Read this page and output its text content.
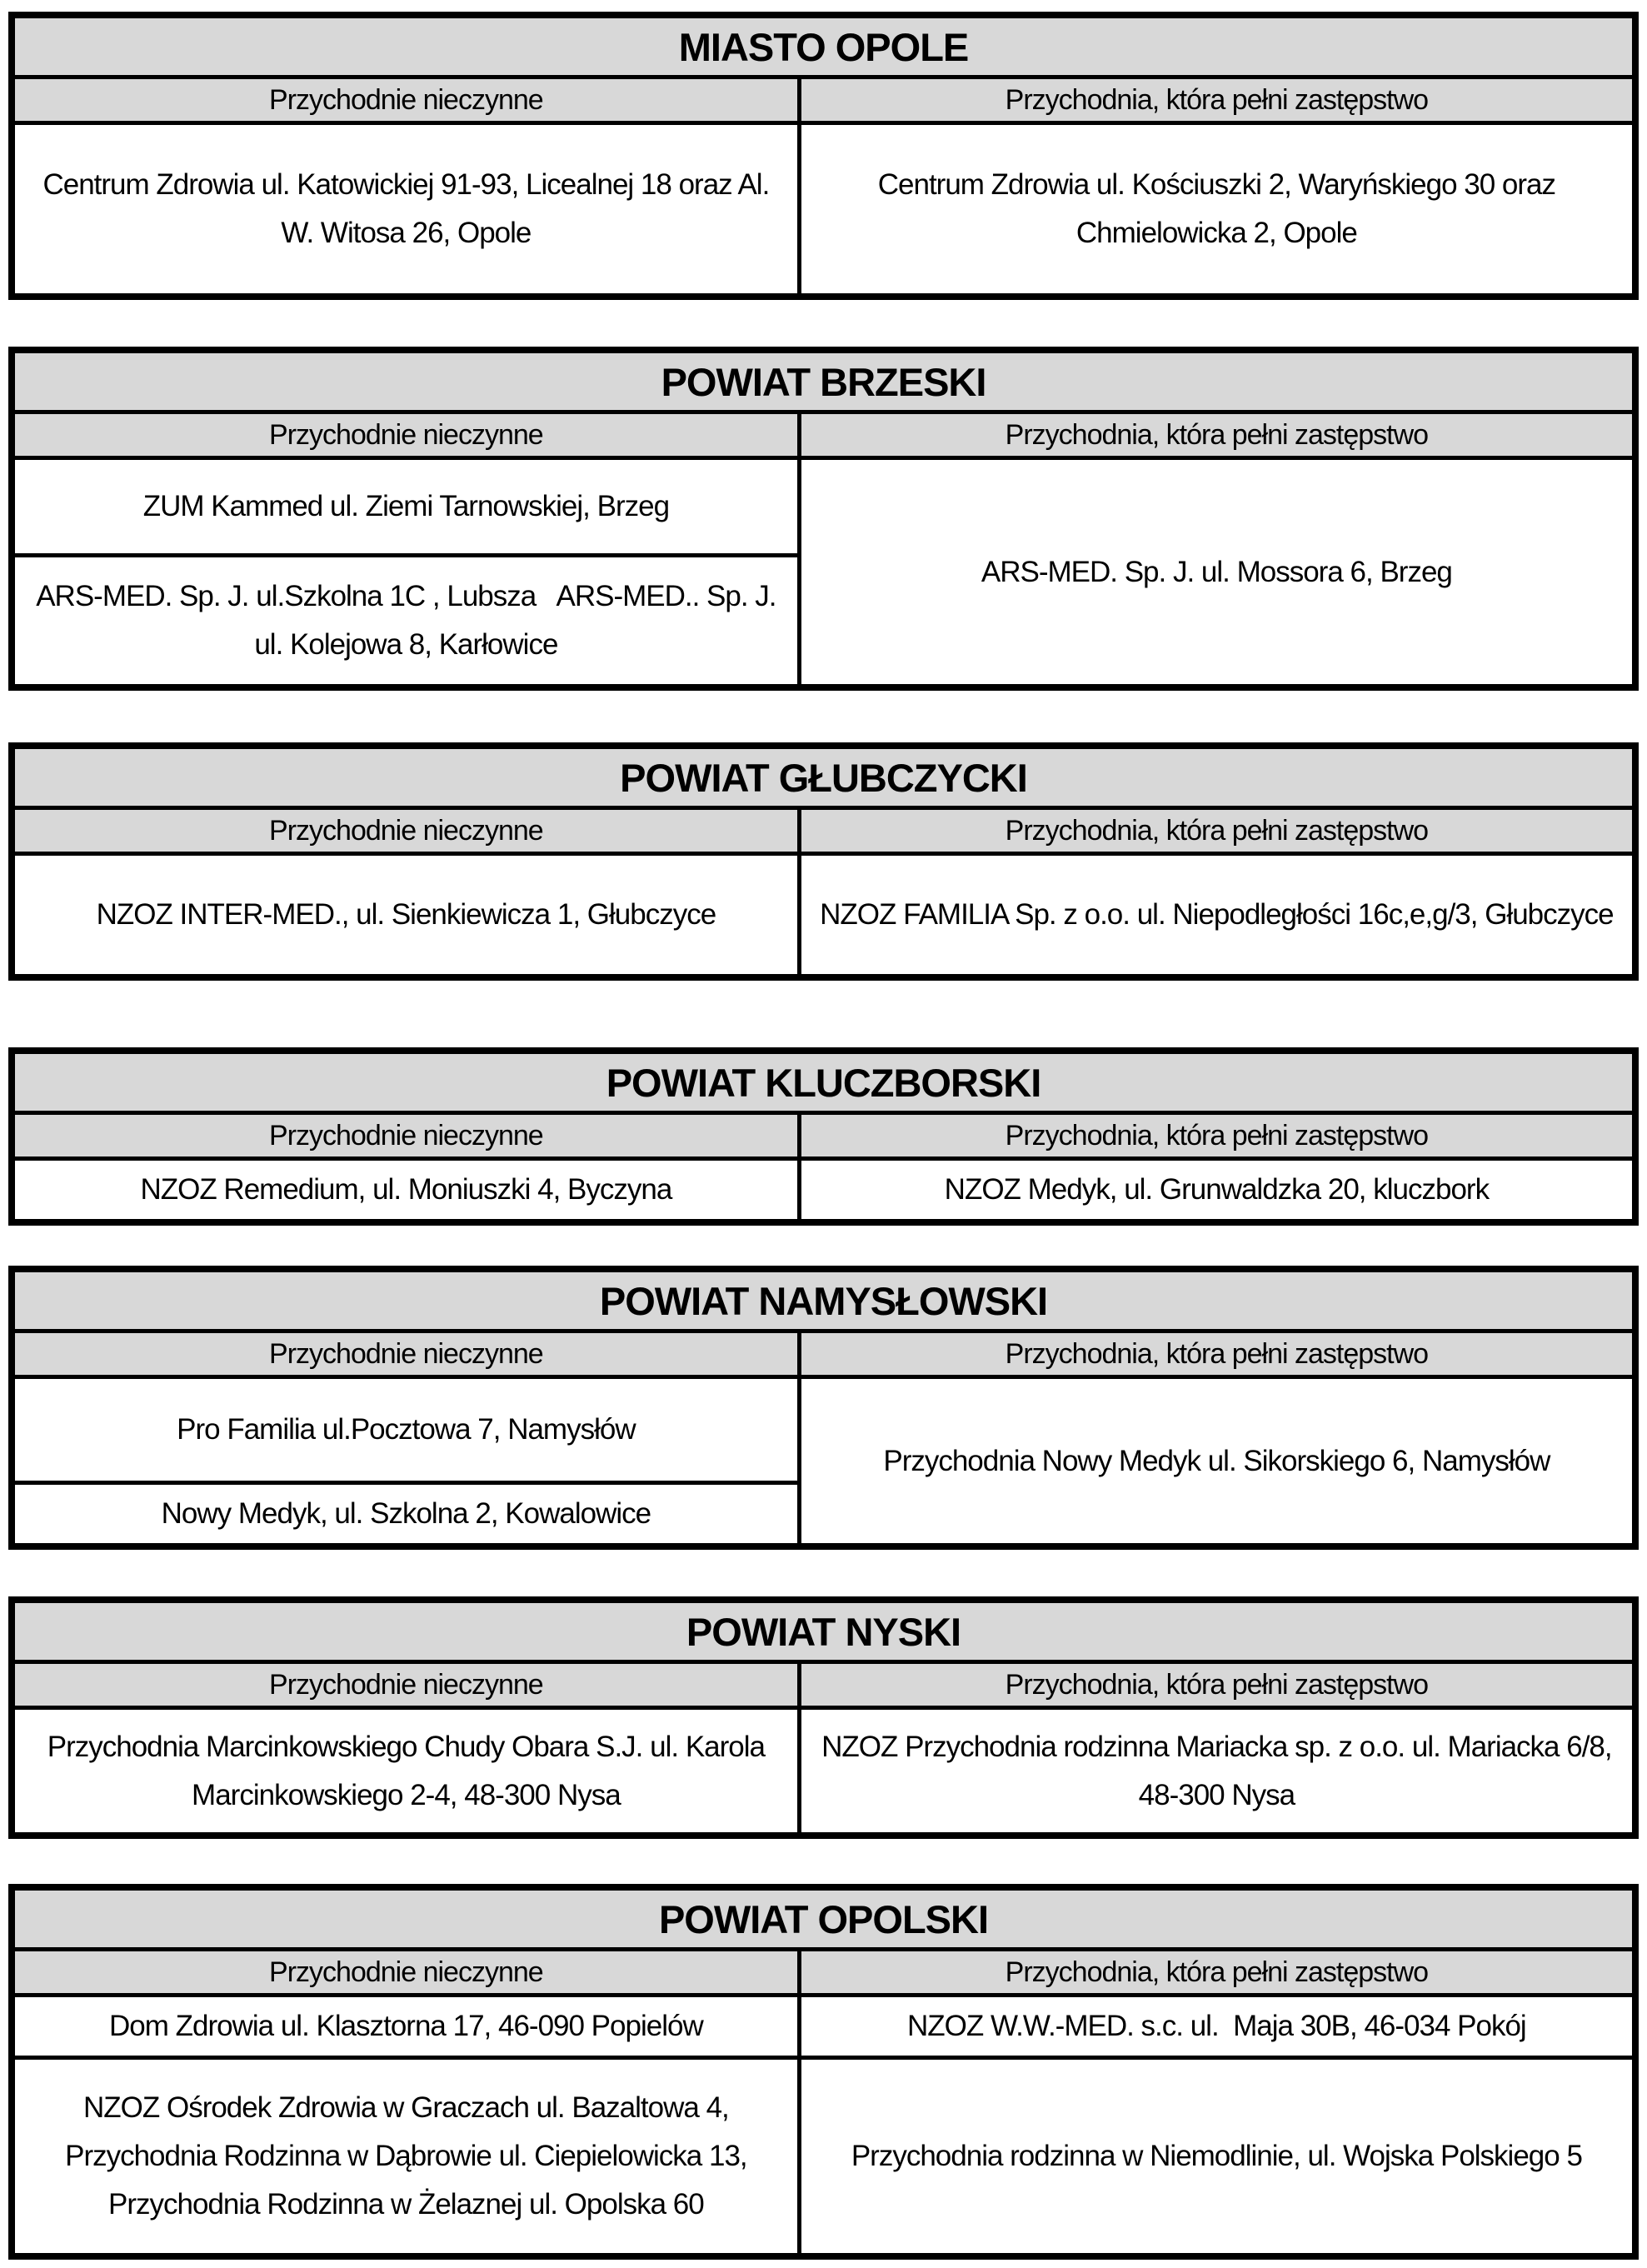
MIASTO OPOLE	
Przychodnie nieczynne	Przychodnia, która pełni zastępstwo
Centrum Zdrowia ul. Katowickiej 91-93, Licealnej 18 oraz Al. W. Witosa 26, Opole	Centrum Zdrowia ul. Kościuszki 2, Waryńskiego 30 oraz Chmielowicka 2, Opole
POWIAT BRZESKI	
Przychodnie nieczynne	Przychodnia, która pełni zastępstwo
ZUM Kammed ul. Ziemi Tarnowskiej, Brzeg	ARS-MED. Sp. J. ul. Mossora 6, Brzeg
ARS-MED. Sp. J. ul.Szkolna 1C , Lubsza   ARS-MED.. Sp. J. ul. Kolejowa 8, Karłowice	
POWIAT GŁUBCZYCKI	
Przychodnie nieczynne	Przychodnia, która pełni zastępstwo
NZOZ INTER-MED., ul. Sienkiewicza 1, Głubczyce	NZOZ FAMILIA Sp. z o.o. ul. Niepodległości 16c,e,g/3, Głubczyce
POWIAT KLUCZBORSKI	
Przychodnie nieczynne	Przychodnia, która pełni zastępstwo
NZOZ Remedium, ul. Moniuszki 4, Byczyna	NZOZ Medyk, ul. Grunwaldzka 20, kluczbork
POWIAT NAMYSŁOWSKI	
Przychodnie nieczynne	Przychodnia, która pełni zastępstwo
Pro Familia ul.Pocztowa 7, Namysłów	Przychodnia Nowy Medyk ul. Sikorskiego 6, Namysłów
Nowy Medyk, ul. Szkolna 2, Kowalowice	
POWIAT NYSKI	
Przychodnie nieczynne	Przychodnia, która pełni zastępstwo
Przychodnia Marcinkowskiego Chudy Obara S.J. ul. Karola Marcinkowskiego 2-4, 48-300 Nysa	NZOZ Przychodnia rodzinna Mariacka sp. z o.o. ul. Mariacka 6/8, 48-300 Nysa
POWIAT OPOLSKI	
Przychodnie nieczynne	Przychodnia, która pełni zastępstwo
Dom Zdrowia ul. Klasztorna 17, 46-090 Popielów	NZOZ W.W.-MED. s.c. ul.  Maja 30B, 46-034 Pokój
NZOZ Ośrodek Zdrowia w Graczach ul. Bazaltowa 4, Przychodnia Rodzinna w Dąbrowie ul. Ciepielowicka 13, Przychodnia Rodzinna w Żelaznej ul. Opolska 60	Przychodnia rodzinna w Niemodlinie, ul. Wojska Polskiego 5
